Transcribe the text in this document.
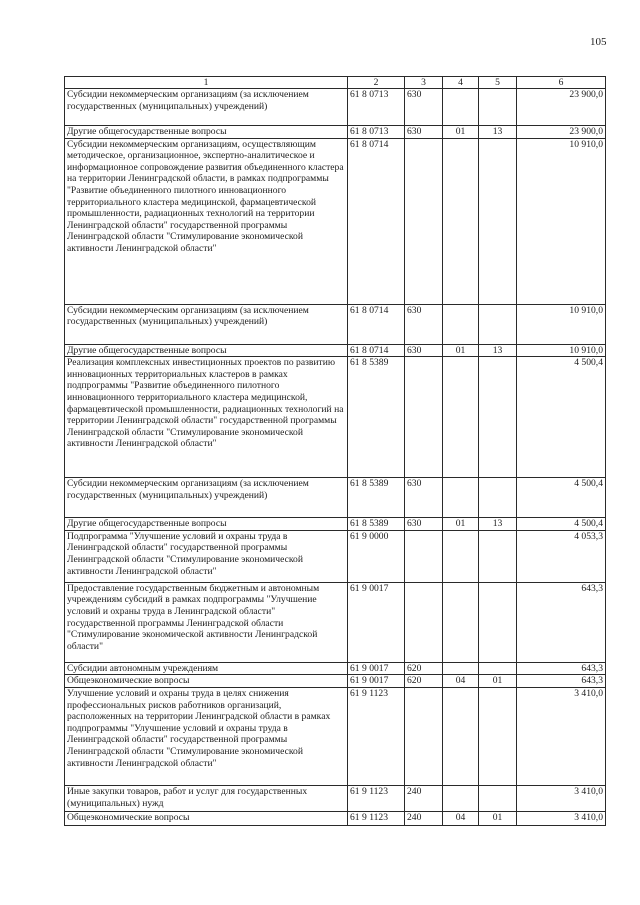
105
1	2	3	4	5	6
Субсидии некоммерческим организациям (за исключением государственных (муниципальных) учреждений)	61 8 0713	630			23 900,0
Другие общегосударственные вопросы	61 8 0713	630	01	13	23 900,0
Субсидии некоммерческим организациям, осуществляющим методическое, организационное, экспертно-аналитическое и информационное сопровождение развития объединенного кластера на территории Ленинградской области, в рамках подпрограммы "Развитие объединенного пилотного инновационного территориального кластера медицинской, фармацевтической промышленности, радиационных технологий на территории Ленинградской области" государственной программы Ленинградской области "Стимулирование экономической активности Ленинградской области"	61 8 0714				10 910,0
Субсидии некоммерческим организациям (за исключением государственных (муниципальных) учреждений)	61 8 0714	630			10 910,0
Другие общегосударственные вопросы	61 8 0714	630	01	13	10 910,0
Реализация комплексных инвестиционных проектов по развитию инновационных территориальных кластеров в рамках подпрограммы "Развитие объединенного пилотного инновационного территориального кластера медицинской, фармацевтической промышленности, радиационных технологий на территории Ленинградской области" государственной программы Ленинградской области "Стимулирование экономической активности Ленинградской области"	61 8 5389				4 500,4
Субсидии некоммерческим организациям (за исключением государственных (муниципальных) учреждений)	61 8 5389	630			4 500,4
Другие общегосударственные вопросы	61 8 5389	630	01	13	4 500,4
Подпрограмма "Улучшение условий и охраны труда в Ленинградской области" государственной программы Ленинградской области "Стимулирование экономической активности Ленинградской области"	61 9 0000				4 053,3
Предоставление государственным бюджетным и автономным учреждениям субсидий в рамках подпрограммы "Улучшение условий и охраны труда в Ленинградской области" государственной программы Ленинградской области "Стимулирование экономической активности Ленинградской области"	61 9 0017				643,3
Субсидии автономным учреждениям	61 9 0017	620			643,3
Общеэкономические вопросы	61 9 0017	620	04	01	643,3
Улучшение условий и охраны труда в целях снижения профессиональных рисков работников организаций, расположенных на территории Ленинградской области в рамках подпрограммы "Улучшение условий и охраны труда в Ленинградской области" государственной программы Ленинградской области "Стимулирование экономической активности Ленинградской области"	61 9 1123				3 410,0
Иные закупки товаров, работ и услуг для государственных (муниципальных) нужд	61 9 1123	240			3 410,0
Общеэкономические вопросы	61 9 1123	240	04	01	3 410,0
